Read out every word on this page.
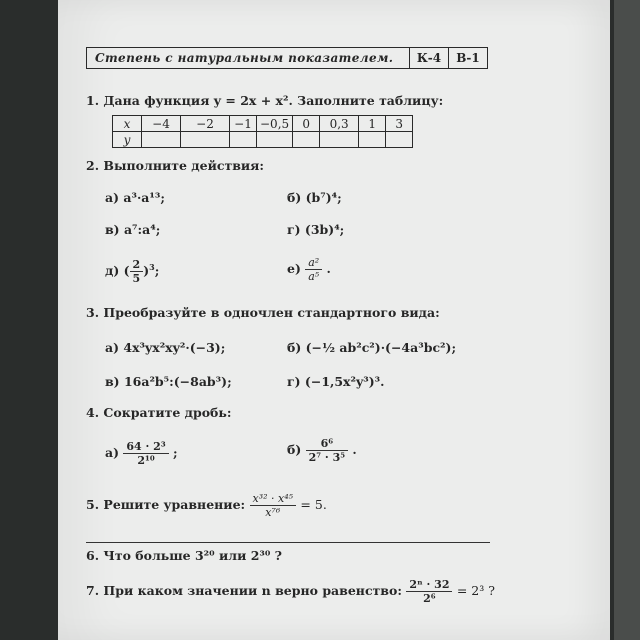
Степень с натуральным показателем.	К-4	В-1
1. Дана функция y = 2x + x². Заполните таблицу:
x	−4	−2	−1	−0,5	0	0,3	1	3
y								
2. Выполните действия:
а) a³·a¹³;	б) (b⁷)⁴;
в) a⁷:a⁴;	г) (3b)⁴;
д) ( $\frac{2}{5} )^3$;	$е) \frac{\text{a²}}{\text{a⁵}}$ .
3. Преобразуйте в одночлен стандартного вида:
а) 4x³yx²xy²·(−3);	б) (−½ ab²c²)·(−4a³bc²);
в) 16a²b⁵:(−8ab³);	г) (−1,5x²y³)³.
4. Сократите дробь:
$а) \frac{\text{64 · 2³}}{\text{2¹⁰}}$ ;	$б) \frac{\text{6⁶}}{\text{2⁷ · 3⁵}}$ .
5. Решите уравнение: $\frac{\text{x³² · x⁴⁵}}{\text{x⁷⁶}} = 5$.
6. Что больше 3²⁰ или 2³⁰ ?
7. При каком значении n верно равенство: $\frac{\text{2ⁿ · 32}}{\text{2⁶}} = 2^3$ ?
